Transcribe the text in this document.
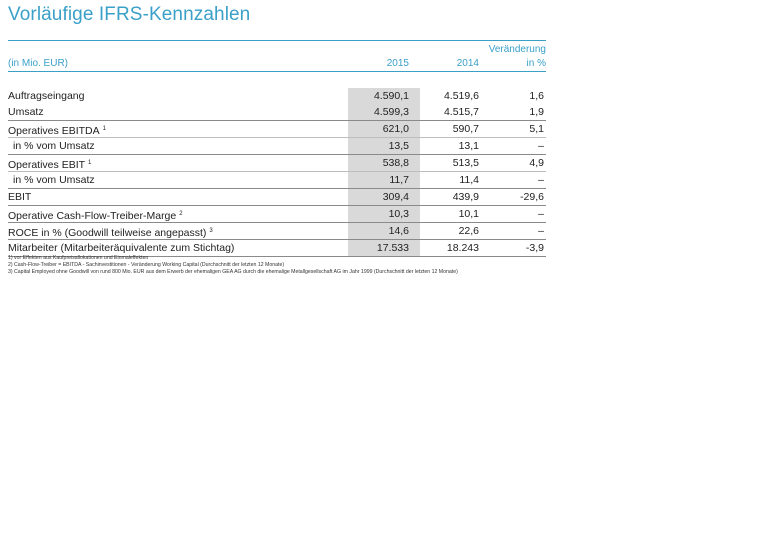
Vorläufige IFRS-Kennzahlen
(in Mio. EUR)	2015	2014
Veränderung
in %
Auftragseingang	4.590,1	4.519,6	1,6
Umsatz	4.599,3	4.515,7	1,9
Operatives EBITDA $^1$	621,0	590,7	5,1
in % vom Umsatz	13,5	13,1	–
Operatives EBIT $^1$	538,8	513,5	4,9
in % vom Umsatz	11,7	11,4	–
EBIT	309,4	439,9	-29,6
Operative Cash-Flow-Treiber-Marge $^2$	10,3	10,1	–
ROCE in % (Goodwill teilweise angepasst) $^3$	14,6	22,6	–
Mitarbeiter (Mitarbeiteräquivalente zum Stichtag)	17.533	18.243	-3,9
1) vor Effekten aus Kaufpreisallokationen und Einmaleffekten
2) Cash-Flow-Treiber = EBITDA - Sachinvestitionen - Veränderung Working Capital (Durchschnitt der letzten 12 Monate)
3) Capital Employed ohne Goodwill von rund 800 Mio. EUR aus dem Erwerb der ehemaligen GEA AG durch die ehemalige Metallgesellschaft AG im Jahr 1999 (Durchschnitt der letzten 12 Monate)
